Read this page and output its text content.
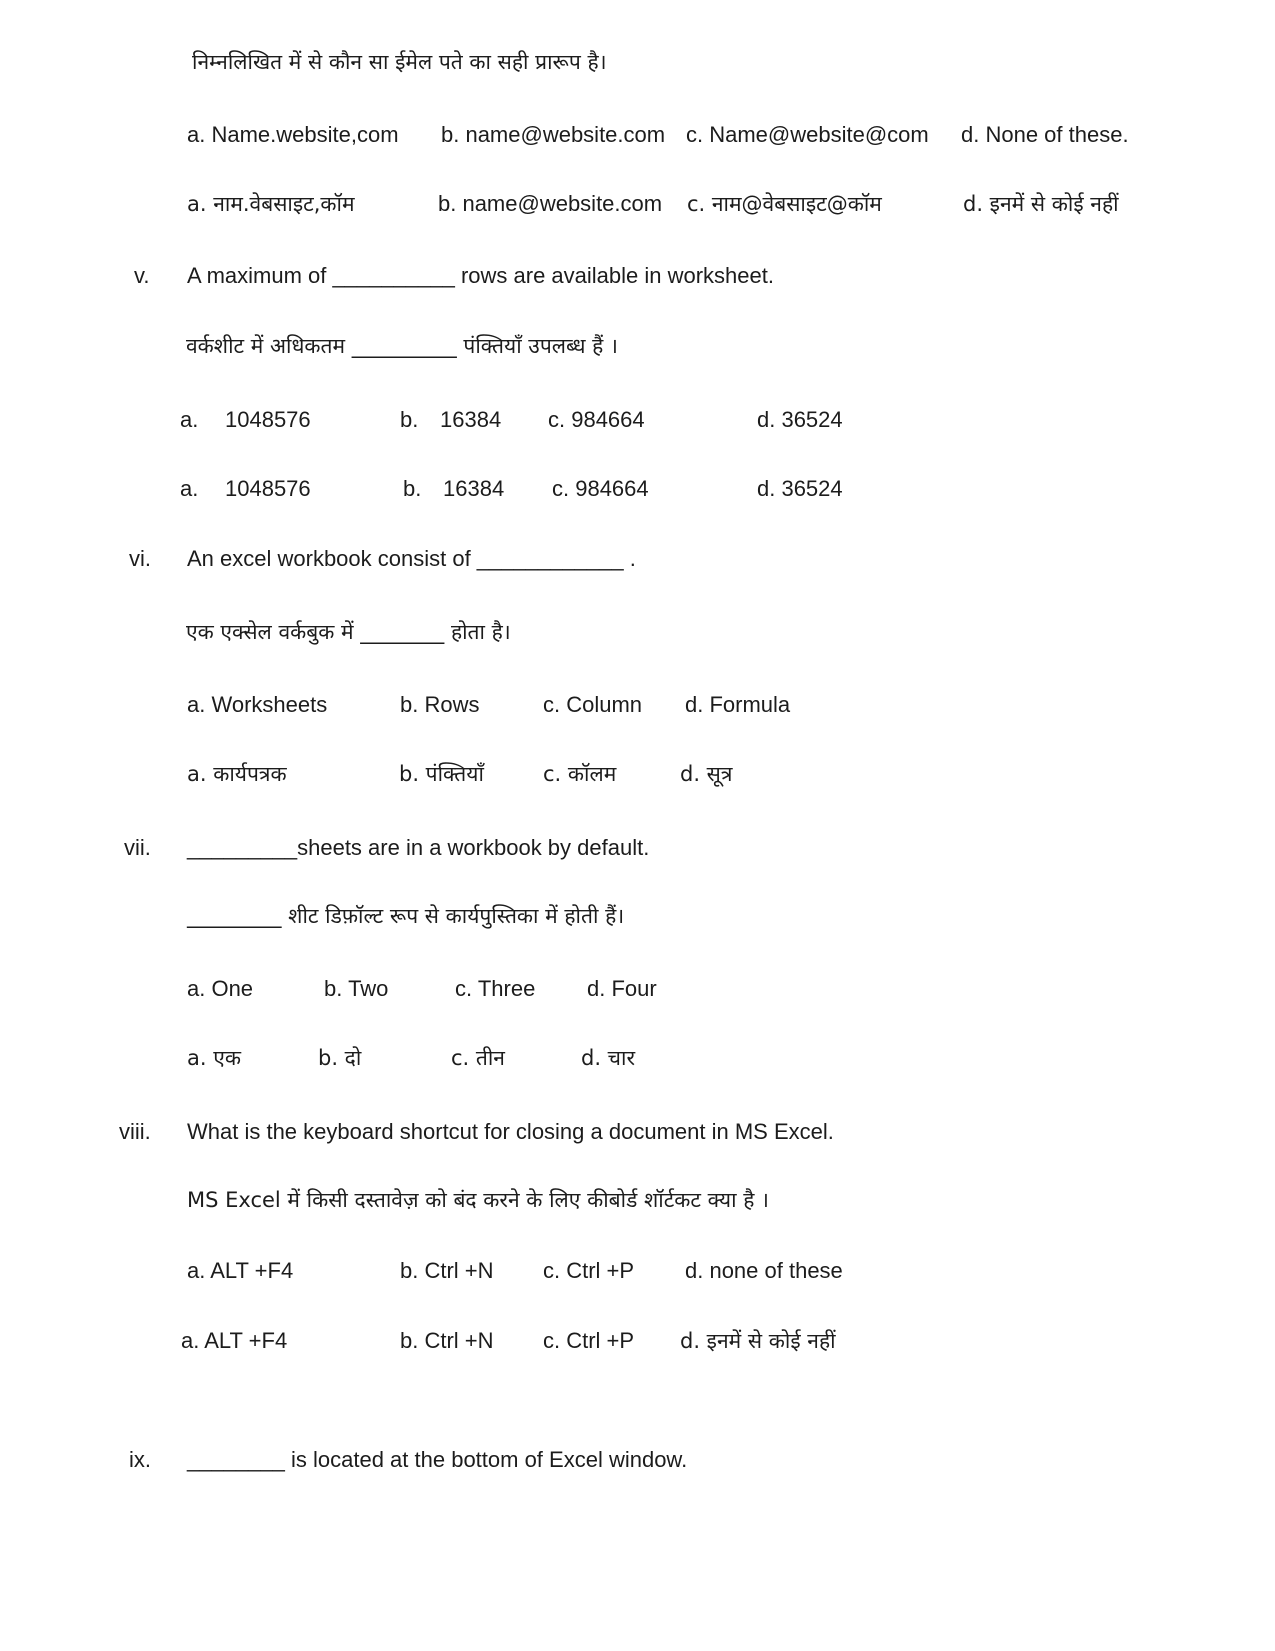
निम्नलिखित में से कौन सा ईमेल पते का सही प्रारूप है।
a. Name.website,com b. name@website.com c. Name@website@com d. None of these.
a. नाम.वेबसाइट,कॉम	b. name@website.com c. नाम@वेबसाइट@कॉम	d. इनमें से कोई नहीं
v. A maximum of __________ rows are available in worksheet.
वर्कशीट में अधिकतम __________ पंक्तियाँ उपलब्ध हैं ।
a. 1048576	b. 16384 c. 984664	d. 36524
a. 1048576	b. 16384 c. 984664	d. 36524
vi. An excel workbook consist of ____________ .
एक एक्सेल वर्कबुक में ________ होता है।
a. Worksheets	b. Rows	c. Column d. Formula
a. कार्यपत्रक	b. पंक्तियाँ	c. कॉलम	d. सूत्र
vii. _________sheets are in a workbook by default.
_________ शीट डिफ़ॉल्ट रूप से कार्यपुस्तिका में होती हैं।
a. One	b. Two	c. Three d. Four
a. एक	b. दो	c. तीन	d. चार
viii. What is the keyboard shortcut for closing a document in MS Excel.
MS Excel में किसी दस्तावेज़ को बंद करने के लिए कीबोर्ड शॉर्टकट क्या है ।
a. ALT +F4	b. Ctrl +N c. Ctrl +P d. none of these
a. ALT +F4	b. Ctrl +N c. Ctrl +P d. इनमें से कोई नहीं
ix. ________ is located at the bottom of Excel window.
